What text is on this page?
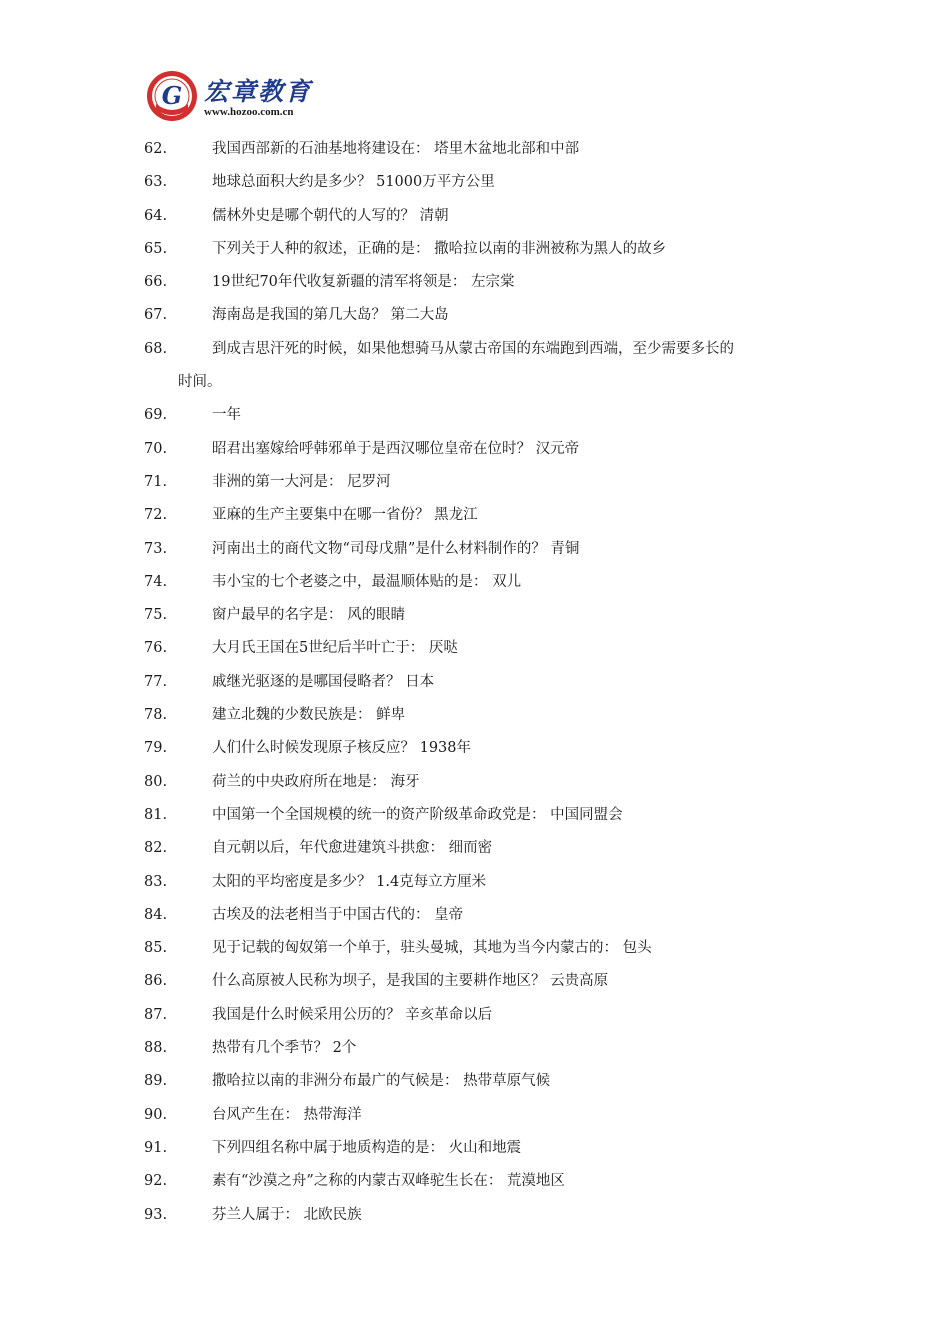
G 宏章教育
www.hozoo.com.cn
62.	我国西部新的石油基地将建设在： 塔里木盆地北部和中部
63.	地球总面积大约是多少？ 51000万平方公里
64.	儒林外史是哪个朝代的人写的？ 清朝
65.	下列关于人种的叙述，正确的是： 撒哈拉以南的非洲被称为黑人的故乡
66.	19世纪70年代收复新疆的清军将领是： 左宗棠
67.	海南岛是我国的第几大岛？ 第二大岛
68.	到成吉思汗死的时候，如果他想骑马从蒙古帝国的东端跑到西端，至少需要多长的
时间。
69.	一年
70.	昭君出塞嫁给呼韩邪单于是西汉哪位皇帝在位时？ 汉元帝
71.	非洲的第一大河是： 尼罗河
72.	亚麻的生产主要集中在哪一省份？ 黑龙江
73.	河南出土的商代文物“司母戊鼎”是什么材料制作的？ 青铜
74.	韦小宝的七个老婆之中，最温顺体贴的是： 双儿
75.	窗户最早的名字是： 风的眼睛
76.	大月氏王国在5世纪后半叶亡于： 厌哒
77.	戚继光驱逐的是哪国侵略者？ 日本
78.	建立北魏的少数民族是： 鲜卑
79.	人们什么时候发现原子核反应？ 1938年
80.	荷兰的中央政府所在地是： 海牙
81.	中国第一个全国规模的统一的资产阶级革命政党是： 中国同盟会
82.	自元朝以后，年代愈进建筑斗拱愈： 细而密
83.	太阳的平均密度是多少？ 1.4克每立方厘米
84.	古埃及的法老相当于中国古代的： 皇帝
85.	见于记载的匈奴第一个单于，驻头曼城，其地为当今内蒙古的： 包头
86.	什么高原被人民称为坝子，是我国的主要耕作地区？ 云贵高原
87.	我国是什么时候采用公历的？ 辛亥革命以后
88.	热带有几个季节？ 2个
89.	撒哈拉以南的非洲分布最广的气候是： 热带草原气候
90.	台风产生在： 热带海洋
91.	下列四组名称中属于地质构造的是： 火山和地震
92.	素有“沙漠之舟”之称的内蒙古双峰驼生长在： 荒漠地区
93.	芬兰人属于： 北欧民族
